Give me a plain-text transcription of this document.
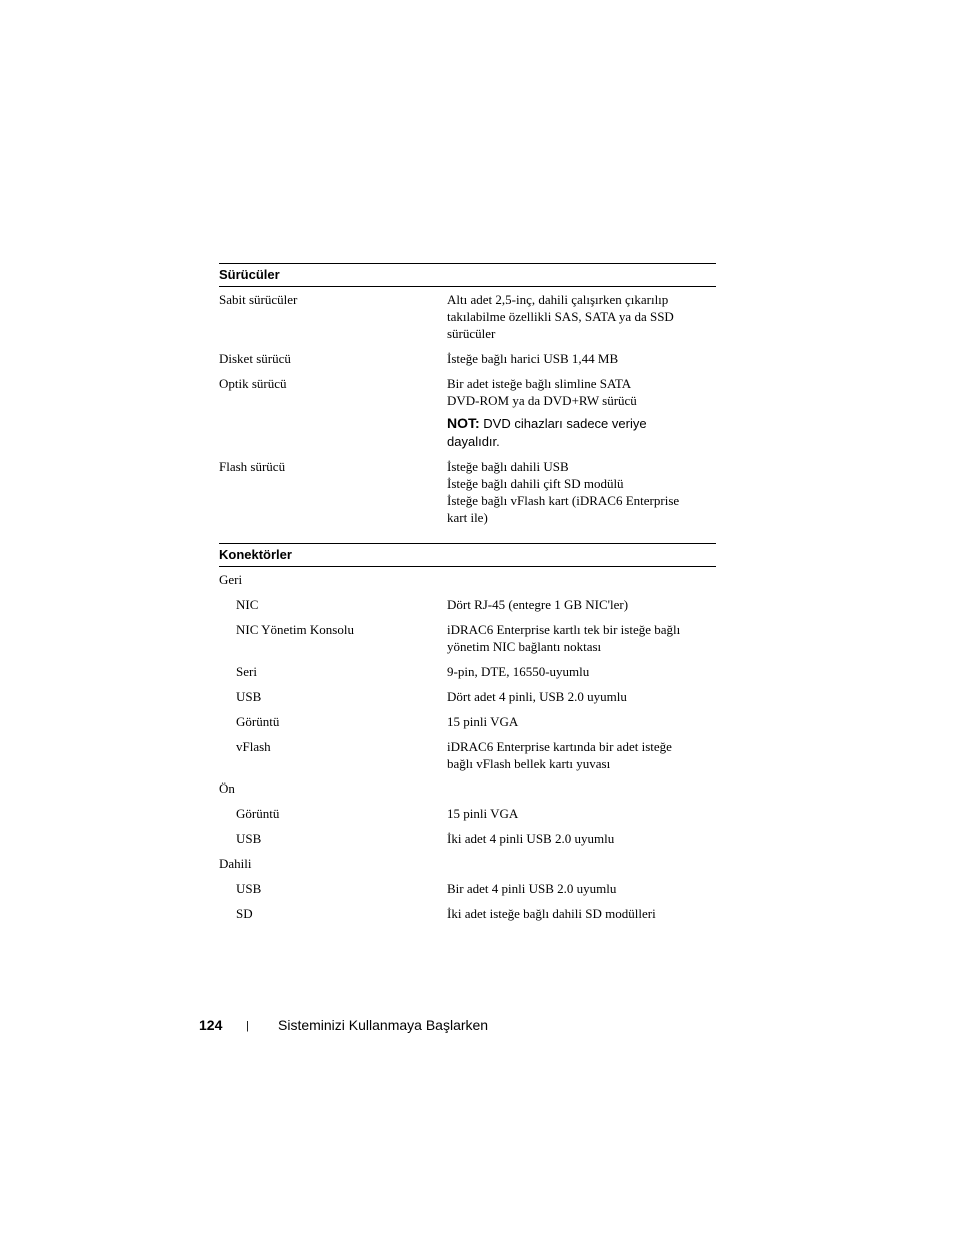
Sürücüler
Sabit sürücüler	Altı adet 2,5-inç, dahili çalışırken çıkarılıp
takılabilme özellikli SAS, SATA ya da SSD
sürücüler
Disket sürücü	İsteğe bağlı harici USB 1,44 MB
Optik sürücü	Bir adet isteğe bağlı slimline SATA
DVD-ROM ya da DVD+RW sürücü
NOT: DVD cihazları sadece veriye
dayalıdır.
Flash sürücü	İsteğe bağlı dahili USB
İsteğe bağlı dahili çift SD modülü
İsteğe bağlı vFlash kart (iDRAC6 Enterprise
kart ile)
Konektörler
Geri
NIC	Dört RJ-45 (entegre 1 GB NIC'ler)
NIC Yönetim Konsolu	iDRAC6 Enterprise kartlı tek bir isteğe bağlı
yönetim NIC bağlantı noktası
Seri	9-pin, DTE, 16550-uyumlu
USB	Dört adet 4 pinli, USB 2.0 uyumlu
Görüntü	15 pinli VGA
vFlash	iDRAC6 Enterprise kartında bir adet isteğe
bağlı vFlash bellek kartı yuvası
Ön
Görüntü	15 pinli VGA
USB	İki adet 4 pinli USB 2.0 uyumlu
Dahili
USB	Bir adet 4 pinli USB 2.0 uyumlu
SD	İki adet isteğe bağlı dahili SD modülleri
124 | Sisteminizi Kullanmaya Başlarken
